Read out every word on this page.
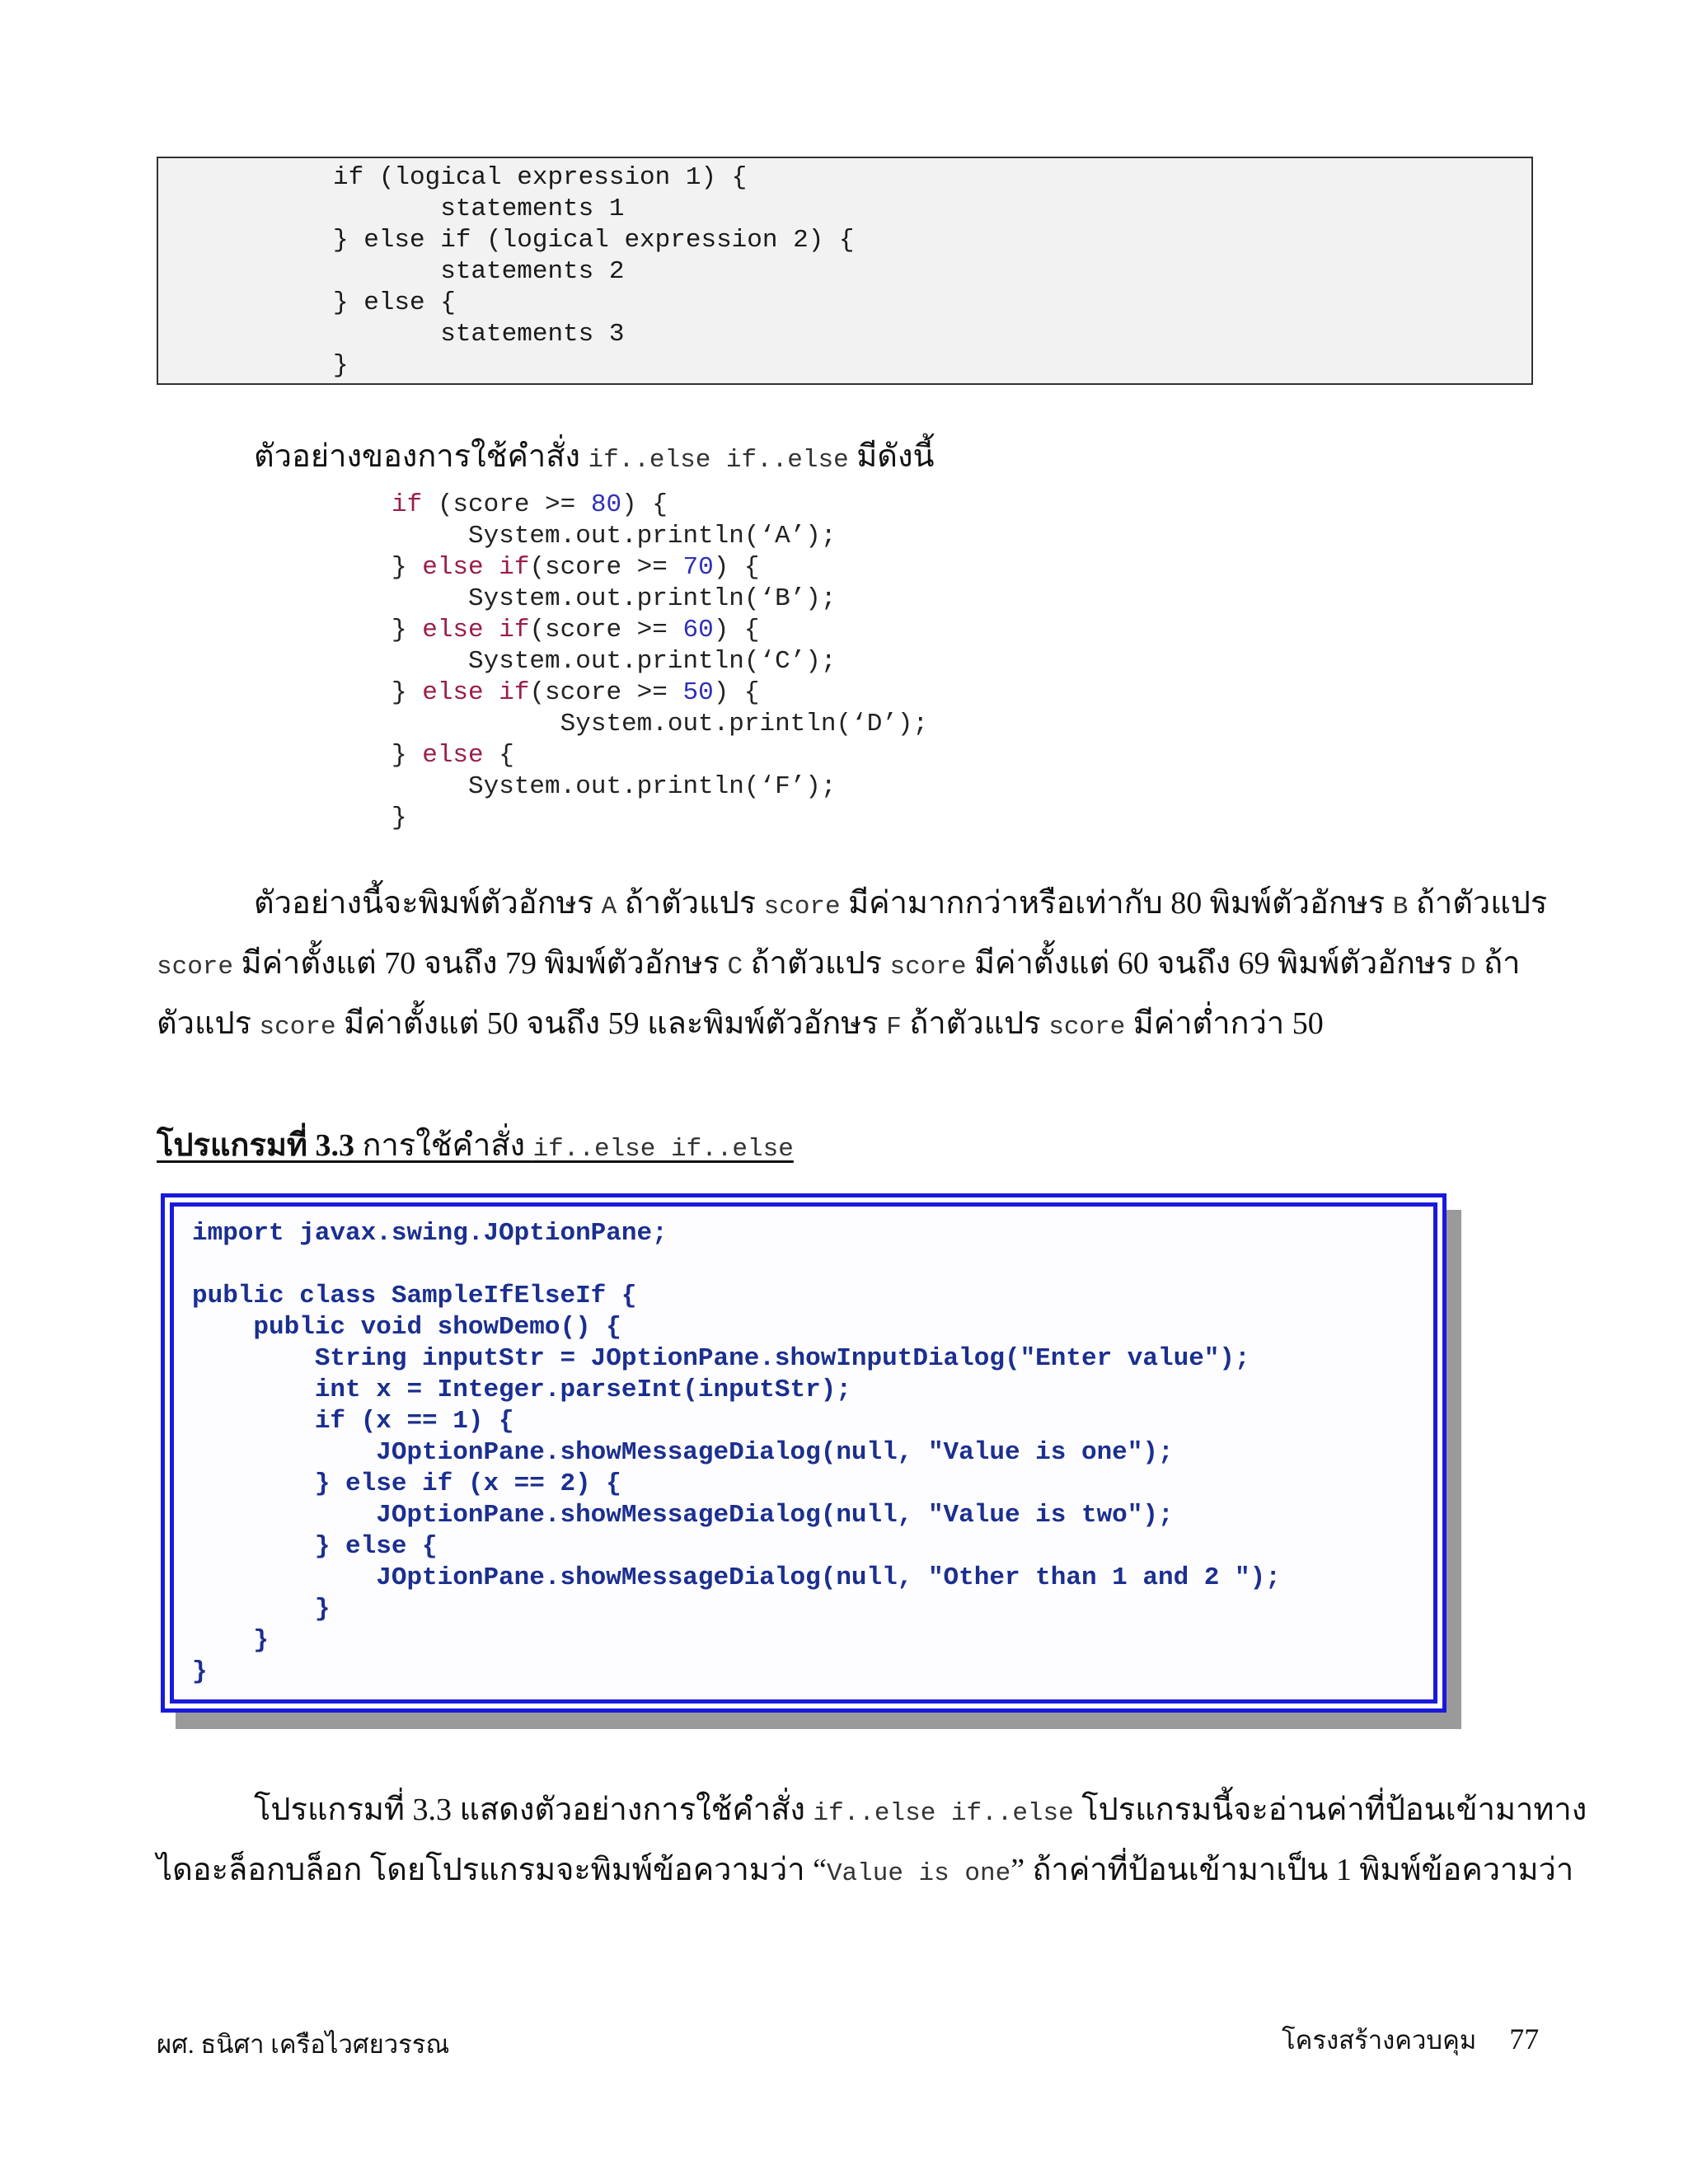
if (logical expression 1) {
statements 1
} else if (logical expression 2) {
statements 2
} else {
statements 3
}

ตัวอย่างของการใช้คำสั่ง if..else if..else มีดังนี้

if (score >= 80) {
System.out.println(‘A’);
} else if(score >= 70) {
System.out.println(‘B’);
} else if(score >= 60) {
System.out.println(‘C’);
} else if(score >= 50) {
System.out.println(‘D’);
} else {
System.out.println(‘F’);
}

ตัวอย่างนี้จะพิมพ์ตัวอักษร A ถ้าตัวแปร score มีค่ามากกว่าหรือเท่ากับ 80 พิมพ์ตัวอักษร B ถ้าตัวแปร

score มีค่าตั้งแต่ 70 จนถึง 79 พิมพ์ตัวอักษร C ถ้าตัวแปร score มีค่าตั้งแต่ 60 จนถึง 69 พิมพ์ตัวอักษร D ถ้า

ตัวแปร score มีค่าตั้งแต่ 50 จนถึง 59 และพิมพ์ตัวอักษร F ถ้าตัวแปร score มีค่าต่ำกว่า 50

โปรแกรมที่ 3.3 การใช้คำสั่ง if..else if..else

import javax.swing.JOptionPane;

public class SampleIfElseIf {
public void showDemo() {
String inputStr = JOptionPane.showInputDialog("Enter value");
int x = Integer.parseInt(inputStr);
if (x == 1) {
JOptionPane.showMessageDialog(null, "Value is one");
} else if (x == 2) {
JOptionPane.showMessageDialog(null, "Value is two");
} else {
JOptionPane.showMessageDialog(null, "Other than 1 and 2 ");
}
}
}

โปรแกรมที่ 3.3 แสดงตัวอย่างการใช้คำสั่ง if..else if..else โปรแกรมนี้จะอ่านค่าที่ป้อนเข้ามาทาง

ไดอะล็อกบล็อก โดยโปรแกรมจะพิมพ์ข้อความว่า “Value is one” ถ้าค่าที่ป้อนเข้ามาเป็น 1 พิมพ์ข้อความว่า

ผศ. ธนิศา เครือไวศยวรรณ	โครงสร้างควบคุม 77
